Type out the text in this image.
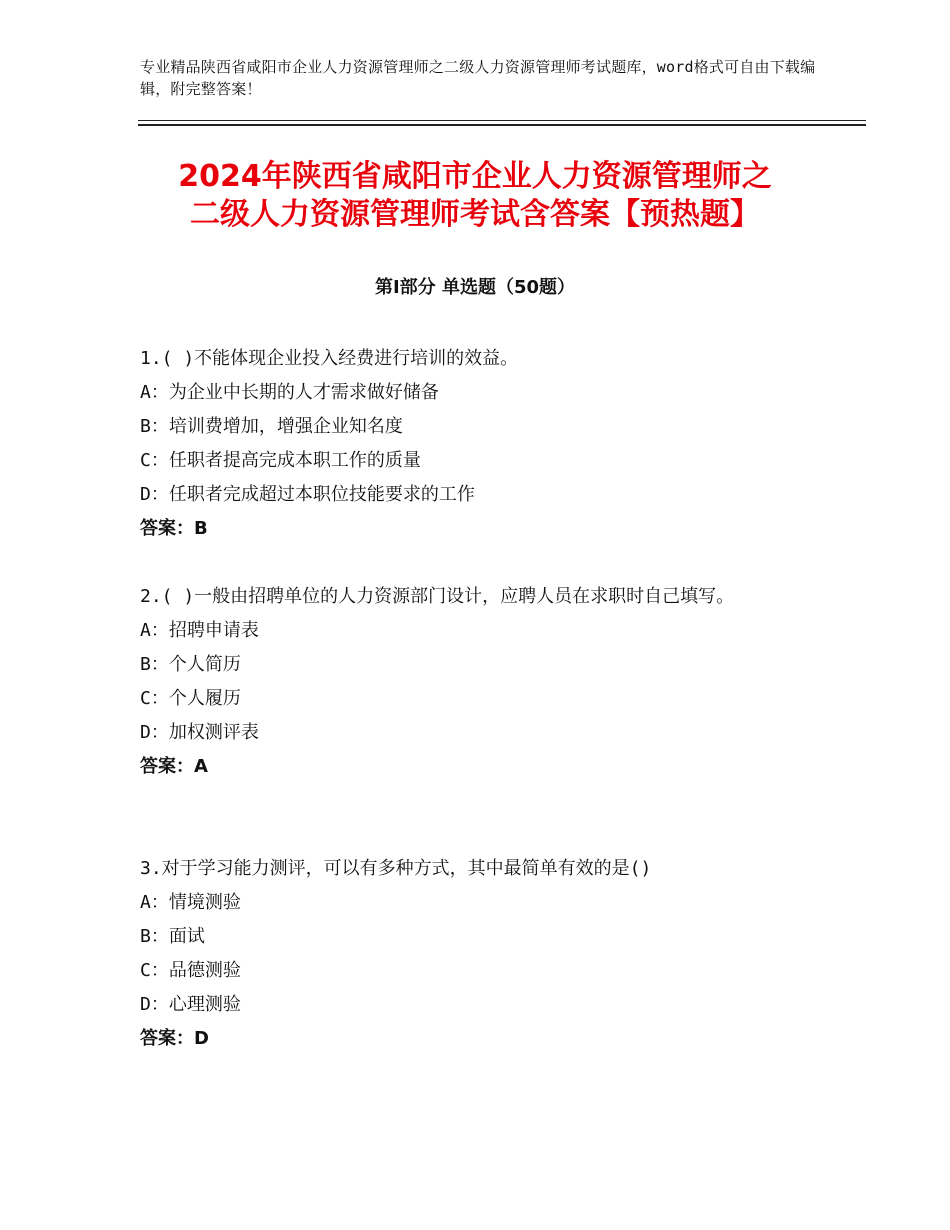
专业精品陕西省咸阳市企业人力资源管理师之二级人力资源管理师考试题库，word格式可自由下载编辑，附完整答案！
2024年陕西省咸阳市企业人力资源管理师之
二级人力资源管理师考试含答案【预热题】
第Ⅰ部分 单选题（50题）

1.( )不能体现企业投入经费进行培训的效益。

A：为企业中长期的人才需求做好储备

B：培训费增加，增强企业知名度

C：任职者提高完成本职工作的质量

D：任职者完成超过本职位技能要求的工作

答案：B

2.( )一般由招聘单位的人力资源部门设计，应聘人员在求职时自己填写。

A：招聘申请表

B：个人简历

C：个人履历

D：加权测评表

答案：A

3.对于学习能力测评，可以有多种方式，其中最简单有效的是()

A：情境测验

B：面试

C：品德测验

D：心理测验

答案：D
